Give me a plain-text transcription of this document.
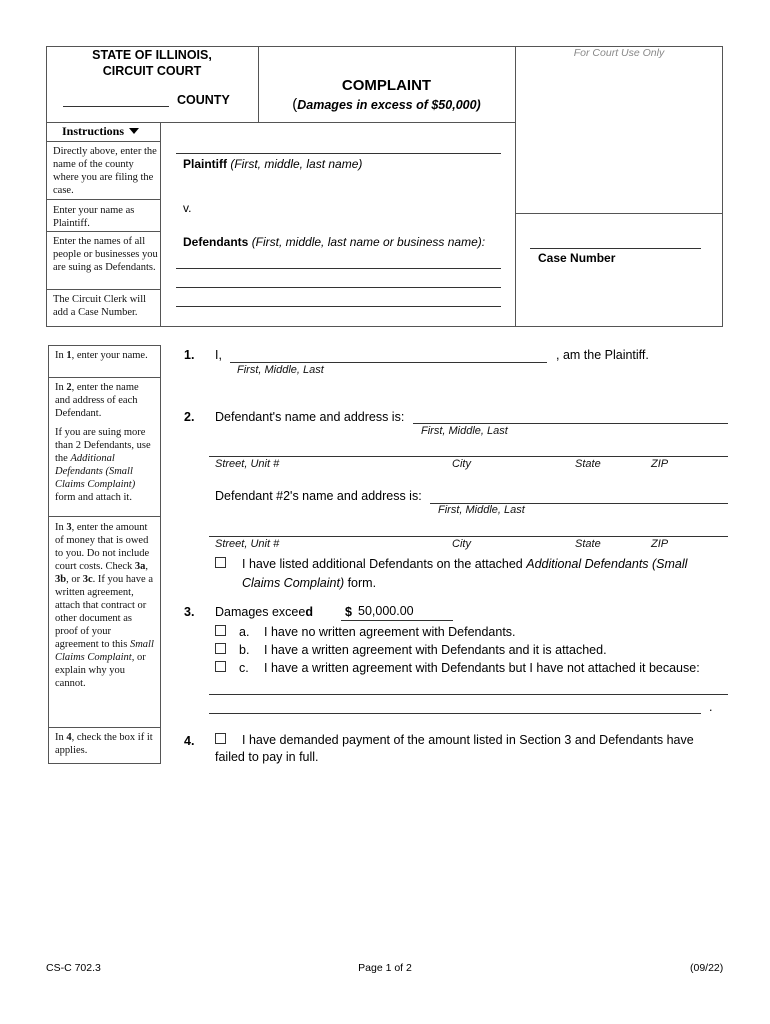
STATE OF ILLINOIS,
CIRCUIT COURT
COUNTY
COMPLAINT
(Damages in excess of $50,000)
For Court Use Only
Instructions
Directly above, enter the name of the county where you are filing the case.
Enter your name as Plaintiff.
Enter the names of all people or businesses you are suing as Defendants.
The Circuit Clerk will add a Case Number.
Plaintiff (First, middle, last name)
v.
Defendants (First, middle, last name or business name):
Case Number
In 1, enter your name.
In 2, enter the name and address of each Defendant.
If you are suing more than 2 Defendants, use the Additional Defendants (Small Claims Complaint) form and attach it.
In 3, enter the amount of money that is owed to you. Do not include court costs. Check 3a, 3b, or 3c. If you have a written agreement, attach that contract or other document as proof of your agreement to this Small Claims Complaint, or explain why you cannot.
In 4, check the box if it applies.
1. I,	, am the Plaintiff.
First, Middle, Last
2. Defendant's name and address is:
First, Middle, Last
Street, Unit #	City	State	ZIP
Defendant #2's name and address is:
First, Middle, Last
Street, Unit #	City	State	ZIP
I have listed additional Defendants on the attached Additional Defendants (Small
Claims Complaint) form.
3. Damages exceed	$ 50,000.00
a. I have no written agreement with Defendants.
b. I have a written agreement with Defendants and it is attached.
c. I have a written agreement with Defendants but I have not attached it because:
.
4.	I have demanded payment of the amount listed in Section 3 and Defendants have
failed to pay in full.
CS-C 702.3	Page 1 of 2	(09/22)
